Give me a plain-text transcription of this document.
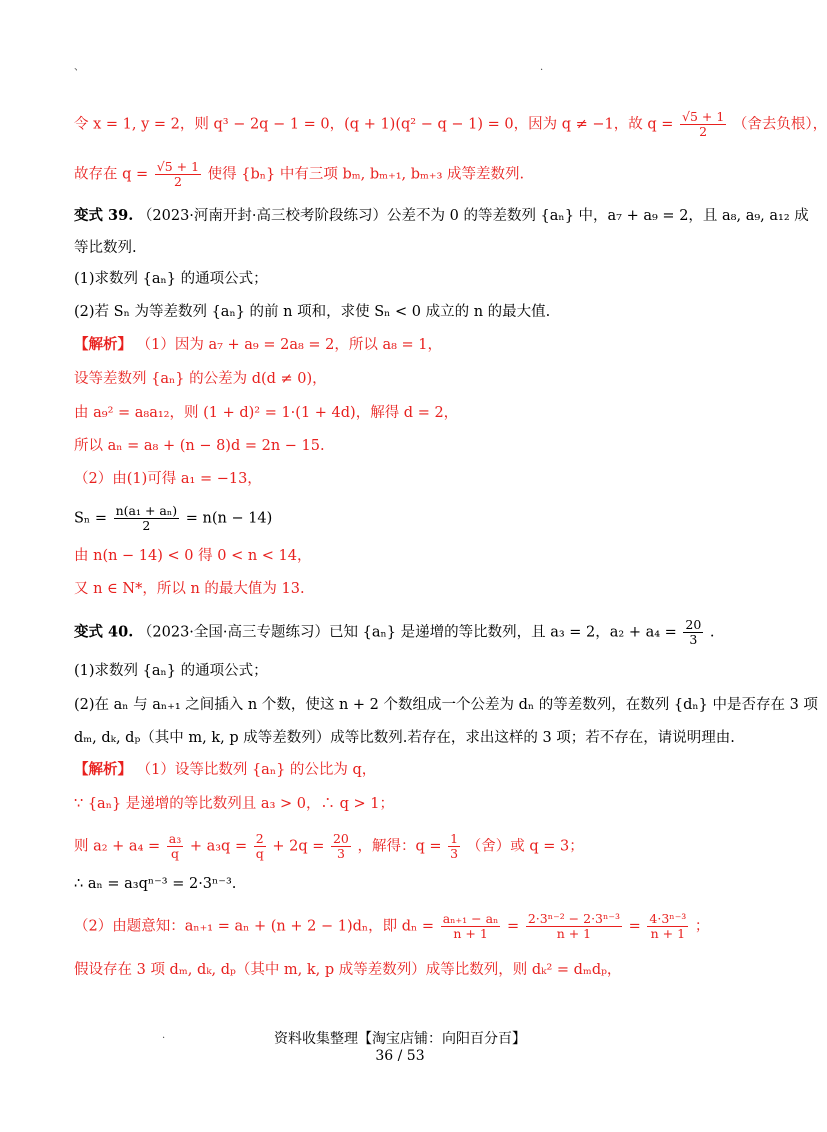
、	.
令 x = 1, y = 2，则 q³ − 2q − 1 = 0，(q + 1)(q² − q − 1) = 0，因为 q ≠ −1，故 $q = \frac{√5 + 1}{2}$ （舍去负根），
故存在 $q = \frac{√5 + 1}{2}$ 使得 {bₙ} 中有三项 bₘ, bₘ₊₁, bₘ₊₃ 成等差数列.
变式 39. （2023·河南开封·高三校考阶段练习）公差不为 0 的等差数列 {aₙ} 中，a₇ + a₉ = 2，且 a₈, a₉, a₁₂ 成
等比数列.
(1)求数列 {aₙ} 的通项公式；
(2)若 Sₙ 为等差数列 {aₙ} 的前 n 项和，求使 Sₙ < 0 成立的 n 的最大值.
【解析】 （1）因为 a₇ + a₉ = 2a₈ = 2，所以 a₈ = 1，
设等差数列 {aₙ} 的公差为 d(d ≠ 0)，
由 a₉² = a₈a₁₂，则 (1 + d)² = 1·(1 + 4d)，解得 d = 2，
所以 aₙ = a₈ + (n − 8)d = 2n − 15.
（2）由(1)可得 a₁ = −13，
$S_n = \frac{\text{n(a₁ + aₙ)}}{2} = n(n - 14)$
由 n(n − 14) < 0 得 0 < n < 14，
又 n ∈ N*，所以 n 的最大值为 13.
变式 40. （2023·全国·高三专题练习）已知 {aₙ} 是递增的等比数列，且 a₃ = 2，$a_2 + a_4 = \frac{20}{3}$ .
(1)求数列 {aₙ} 的通项公式；
(2)在 aₙ 与 aₙ₊₁ 之间插入 n 个数，使这 n + 2 个数组成一个公差为 dₙ 的等差数列，在数列 {dₙ} 中是否存在 3 项
dₘ, dₖ, dₚ（其中 m, k, p 成等差数列）成等比数列.若存在，求出这样的 3 项；若不存在，请说明理由.
【解析】 （1）设等比数列 {aₙ} 的公比为 q，
∵ {aₙ} 是递增的等比数列且 a₃ > 0，∴ q > 1；
则 $a_2 + a_4 = \frac{\text{a₃}}{q} + a_3q = \frac{2}{q} + 2q = \frac{20}{3}$ ，解得：$q = \frac{1}{3}$ （舍）或 q = 3；
∴ aₙ = a₃qⁿ⁻³ = 2·3ⁿ⁻³.
（2）由题意知：aₙ₊₁ = aₙ + (n + 2 − 1)dₙ，即 $d_n = \frac{\text{aₙ₊₁ − aₙ}}{n + 1} = \frac{\text{2·3ⁿ⁻² − 2·3ⁿ⁻³}}{n + 1} = \frac{\text{4·3ⁿ⁻³}}{n + 1}$ ；
假设存在 3 项 dₘ, dₖ, dₚ（其中 m, k, p 成等差数列）成等比数列，则 dₖ² = dₘdₚ，
.	资料收集整理【淘宝店铺：向阳百分百】
36 / 53
